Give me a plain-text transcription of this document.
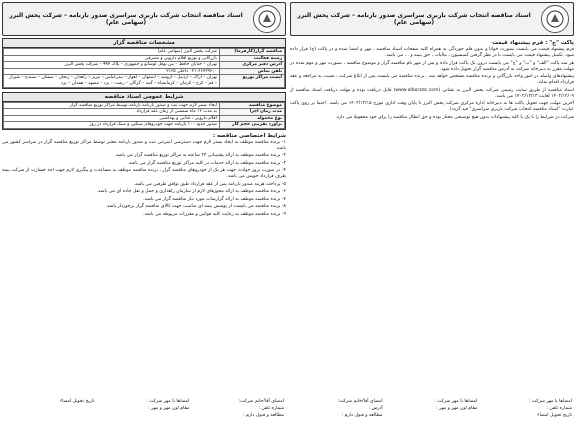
اسناد مناقصه انتخاب شرکت باربری سراسری صدور بارنامه – شرکت پخش البرز (سهامی عام)
مشخصات مناقصه گزار
مناقصه گزار(کارفرما)	شرکت پخش البرز (سهامی عام)
زمینه فعالیت	بازرگانی و توزیع اقلام دارویی و مصرفی
آدرس دفتر مرکزی	تهران – خیابان حافظ – بین نوفل لوشاتو و جمهوری – پلاک ۹۹۳ – شرکت پخش البرز
تلفن تماس	۰۲۱-۶۶۷۲۹۶۰۰ داخلی ۲۱۲۵
لیست مراکز توزیع	تهران – اراک – اردبیل – ارومیه – اصفهان – اهواز – بندرعباس – تبریز – زاهدان – زنجان – سمنان – سنندج – شیراز – قم – کرج – کرمان – کرمانشاه – گنبد – گرگان – رشت – یزد – مشهد – همدان – یزد
شرایط عمومی اسناد مناقصه
موضوع مناقصه	ایجاد بستر لازم جهت ثبت و صدور بارنامه بارنامه توسط مراکز توزیع مناقصه گزار
مدت زمان اجرا	به مدت ۱۲ ماه شمسی از زمان عقد قرارداد
نوع محموله	اقلام دارویی ، غذایی و بهداشتی
برآورد تقریبی حجم کار	صدور حدود ۱۰۰ بارنامه جهت خودروهای سنگین و سبک قرارداد در روز
شرایط اختصاصی مناقصه :
۱- برنده مناقصه موظف به ایجاد بستر لازم جهت دسترسی اینترنتی ثبت و صدور بارنامه معتبر توسط مراکز توزیع مناقصه گزار در سراسر کشور می باشد.
۲- برنده مناقصه موظف به ارائه پشتیبانی ۲۴ ساعته به مراکز توزیع مناقصه گزار می باشد.
۳- برنده مناقصه موظف به ارائه خدمات در کلیه مراکز توزیع مناقصه گزار می باشد.
۴- در صورت بروز حوادث جهت هر یک از خودروهای مناقصه گزار ، برنده مناقصه موظف به مساعدت و پیگیری لازم جهت اخذ خسارت از شرکت بیمه طرف قرارداد خویش می باشد.
۵- پرداخت هزینه صدور بارنامه پس از عقد قرارداد طبق توافق طرفین می باشد.
۶- برنده مناقصه موظف به ارائه مجوزهای لازم از سازمان راهداری و حمل و نقل جاده ای می باشد.
۷- برنده مناقصه موظف به ارائه گزارشات مورد نیاز مناقصه گزار می باشد.
۸- برنده مناقصه می بایست از پوشش بیمه ای مناسب جهت کالای مناقصه گزار برخوردار باشد.
۹- برنده مناقصه موظف به رعایت کلیه قوانین و مقررات مربوطه می باشد.
امضای آقا/خانم شرکت:
شماره تلفن :
مطالعه و قبول دارم :
امضاها با مهر شرکت :
مقام اون مهر و مهر :
تاریخ تحویل امضاء
اسناد مناقصه انتخاب شرکت باربری سراسری صدور بارنامه – شرکت پخش البرز (سهامی عام)
پاکت "ج" : فرم پیشنهاد قیمت
فرم پیشنهاد قیمت می بایست بصورت خوانا و بدون قلم خوردگی به همراه کلیه صفحات اسناد مناقصه ، مهر و امضا شده و در پاکت (ج) قرار داده شود. تکمیل پیشنهاد قیمت می بایست با در نظر گرفتن کمیسیون ، مالیات ، حق بیمه و ... می باشد.
هر سه پاکت "الف" و "ب" و "ج" می بایست درون یک پاکت قرار داده و پس از مهر نام مناقصه گزار و موضوع مناقصه ، بصورت مهر و موم شده در مهلت مقرر به دبیرخانه شرکت به آدرس مناقصه گزار تحویل داده شود.
پیشنهادهای واصله در امور واحد بازرگانی و برنده مناقصه مشخص خواهد شد . برنده مناقصه می بایست پس از ابلاغ شرکت ، نسبت به مراجعه و عقد قرارداد اقدام نماید.
اسناد مناقصه از طریق سایت رسمی شرکت پخش البرز به نشانی (www.alborzdc.com) قابل دریافت بوده و مهلت دریافت اسناد مناقصه از ۱۴۰۲/۱۲/۰۹ لغایت ۱۴۰۲/۱۲/۱۳ می باشد.
آخرین مهلت جهت تحویل پاکت ها به دبیرخانه اداره مرکزی شرکت پخش البرز تا پایان وقت اداری مورخ ۱۴۰۲/۱۲/۱۵ می باشد. (حتما بر روی پاکت عبارت "اسناد مناقصه انتخاب شرکت باربری سراسری" قید گردد)
شرکت در شرایط را با یک یا کلیه پیشنهادات بدون هیچ توضیحی مختار بوده و حق ابطال مناقصه را برای خود محفوظ می دارد.
امضاها با مهر شرکت :
شماره تلفن :
تاریخ تحویل امضاء
امضاها با مهر شرکت :
مقام اون مهر و مهر :
امضای آقا/خانم شرکت:
آدرس :
مطالعه و قبول دارم :
